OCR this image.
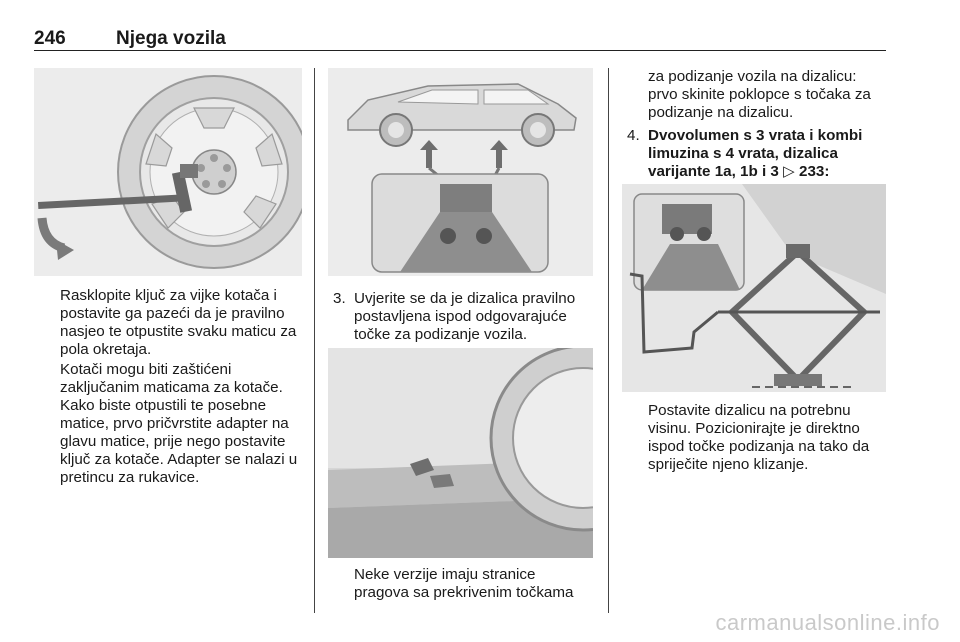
246	Njega vozila

Rasklopite ključ za vijke kotača i postavite ga pazeći da je pravilno nasjeo te otpustite svaku maticu za pola okretaja.

Kotači mogu biti zaštićeni zaključanim maticama za kotače. Kako biste otpustili te posebne matice, prvo pričvrstite adapter na glavu matice, prije nego postavite ključ za kotače. Adapter se nalazi u pretincu za rukavice.

3. Uvjerite se da je dizalica pravilno postavljena ispod odgovarajuće točke za podizanje vozila.

Neke verzije imaju stranice pragova sa prekrivenim točkama

za podizanje vozila na dizalicu: prvo skinite poklopce s točaka za podizanje na dizalicu.

4. Dvovolumen s 3 vrata i kombi limuzina s 4 vrata, dizalica varijante 1a, 1b i 3 ▷ 233:

Postavite dizalicu na potrebnu visinu. Pozicionirajte je direktno ispod točke podizanja na tako da spriječite njeno klizanje.

carmanualsonline.info
